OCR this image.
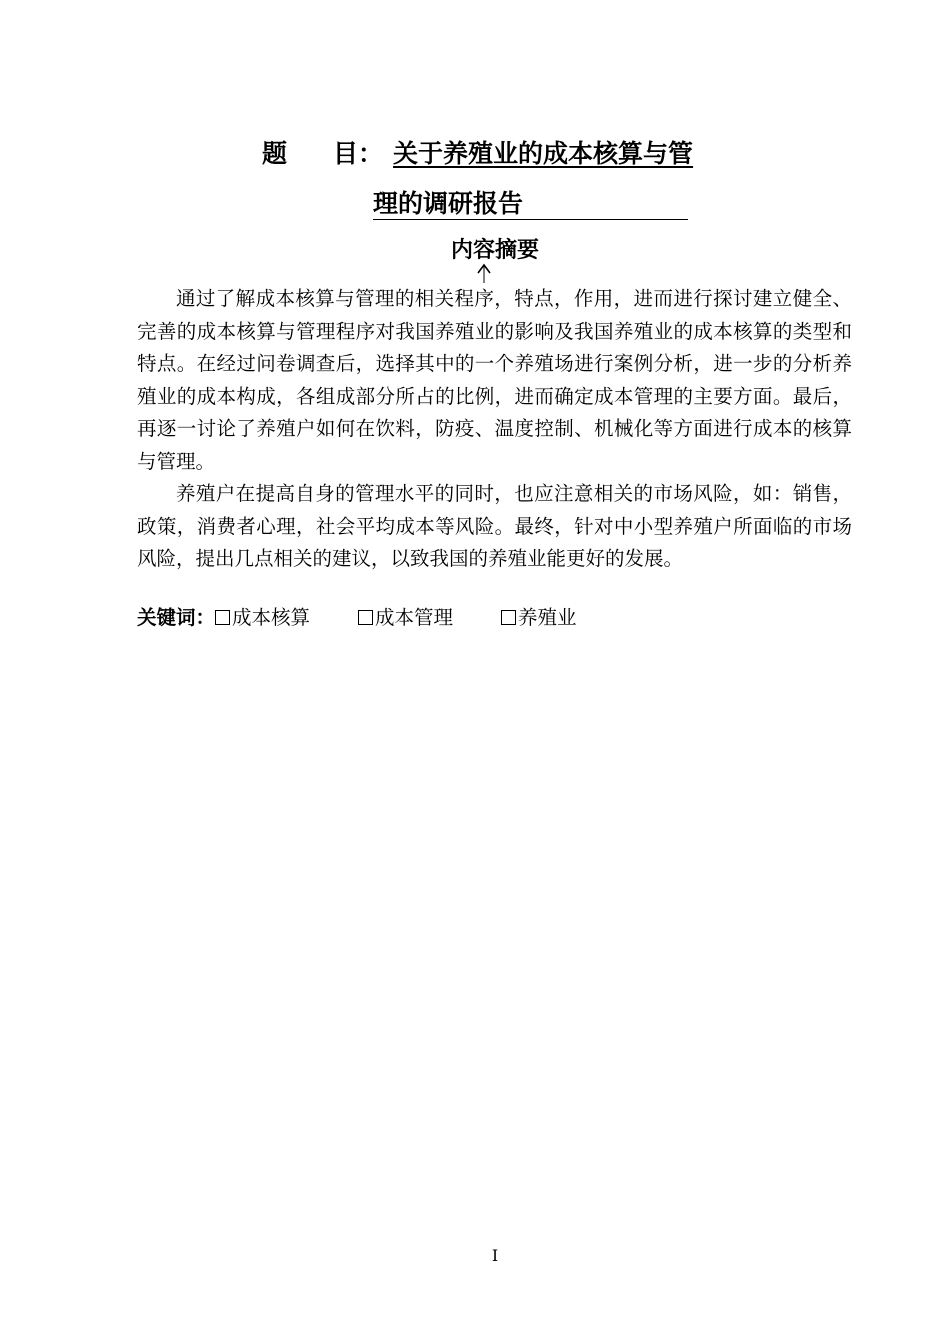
题 目： 关于养殖业的成本核算与管
理的调研报告
内容摘要

通过了解成本核算与管理的相关程序，特点，作用，进而进行探讨建立健全、完善的成本核算与管理程序对我国养殖业的影响及我国养殖业的成本核算的类型和特点。在经过问卷调查后，选择其中的一个养殖场进行案例分析，进一步的分析养殖业的成本构成，各组成部分所占的比例，进而确定成本管理的主要方面。最后，再逐一讨论了养殖户如何在饮料，防疫、温度控制、机械化等方面进行成本的核算与管理。

养殖户在提高自身的管理水平的同时，也应注意相关的市场风险，如：销售，政策，消费者心理，社会平均成本等风险。最终，针对中小型养殖户所面临的市场风险，提出几点相关的建议，以致我国的养殖业能更好的发展。

关键词： 成本核算	成本管理	养殖业
I
